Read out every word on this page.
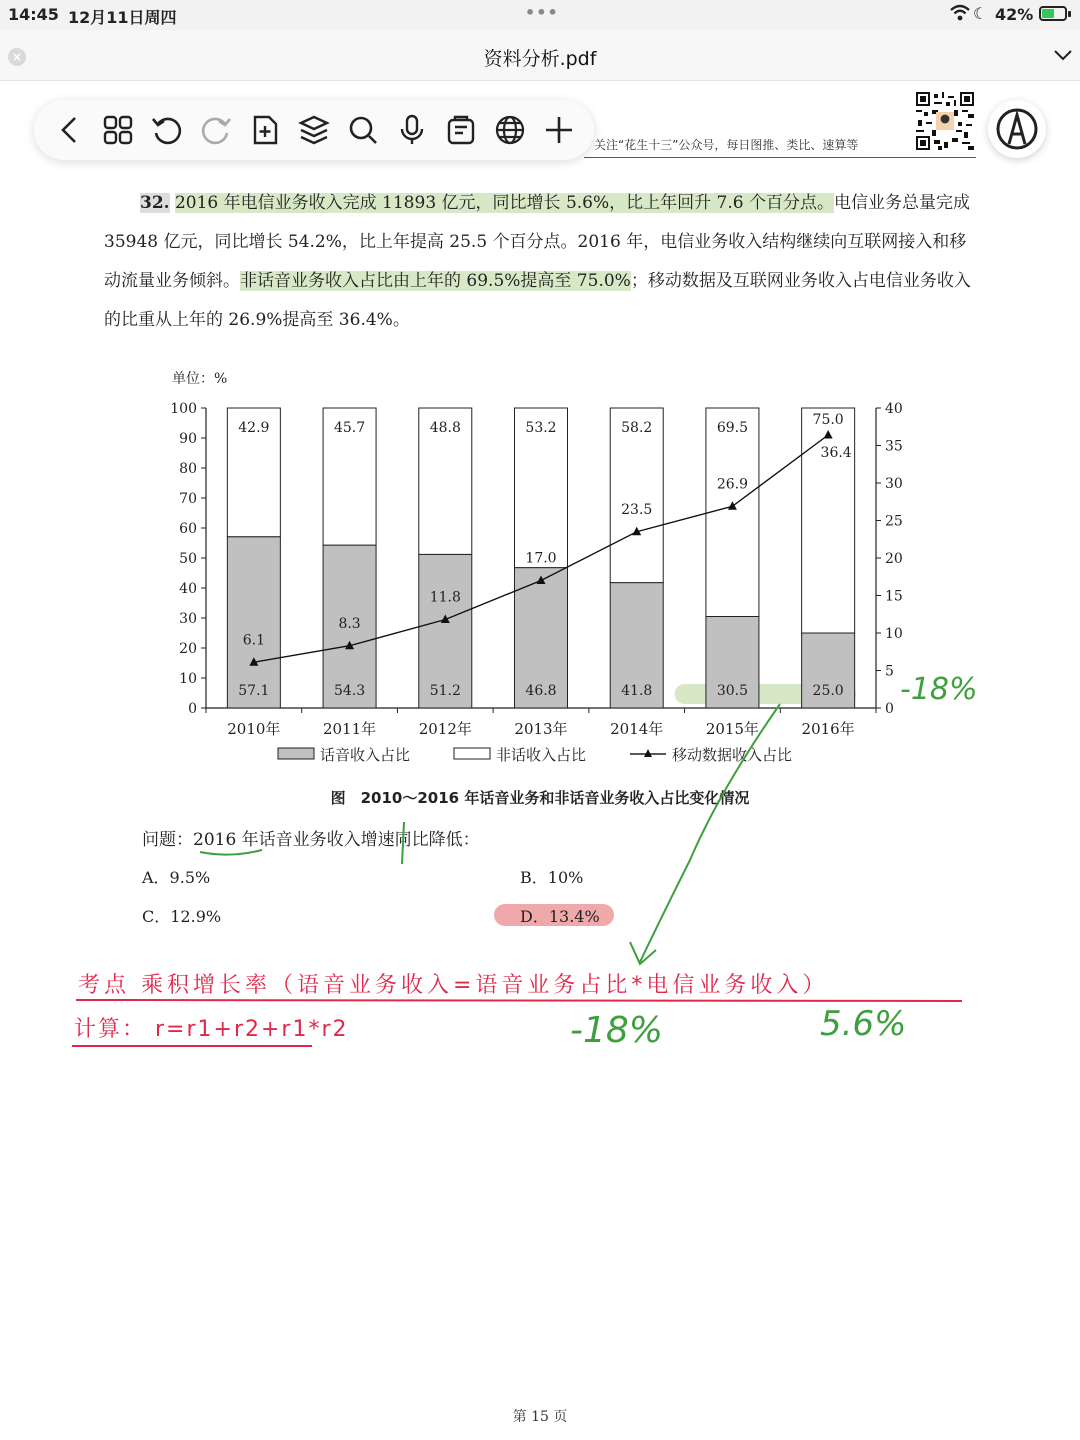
14:45 12月11日周四	•••	☾ 42%
×	资料分析.pdf
关注“花生十三”公众号，每日图推、类比、速算等
32. 2016 年电信业务收入完成 11893 亿元，同比增长 5.6%，比上年回升 7.6 个百分点。电信业务总量完成 35948 亿元，同比增长 54.2%，比上年提高 25.5 个百分点。2016 年，电信业务收入结构继续向互联网接入和移动流量业务倾斜。非话音业务收入占比由上年的 69.5%提高至 75.0%；移动数据及互联网业务收入占电信业务收入的比重从上年的 26.9%提高至 36.4%。
单位：%
0
10
20
30
40
50
60
70
80
90
100
0
5
10
15
20
25
30
35
40
57.1
42.9
2010年
54.3
45.7
2011年
51.2
48.8
2012年
46.8
53.2
2013年
41.8
58.2
2014年
30.5
69.5
2015年
25.0
75.0
2016年
6.1
8.3
11.8
17.0
23.5
26.9
36.4
话音收入占比	非话收入占比	移动数据收入占比
图　2010～2016 年话音业务和非话音业务收入占比变化情况
问题：2016 年话音业务收入增速同比降低：
A．9.5%	B．10%
C．12.9%	D．13.4%
考点 乘积增长率（语音业务收入=语音业务占比*电信业务收入）
计算： r=r1+r2+r1*r2
-18%
-18%	5.6%
第 15 页
